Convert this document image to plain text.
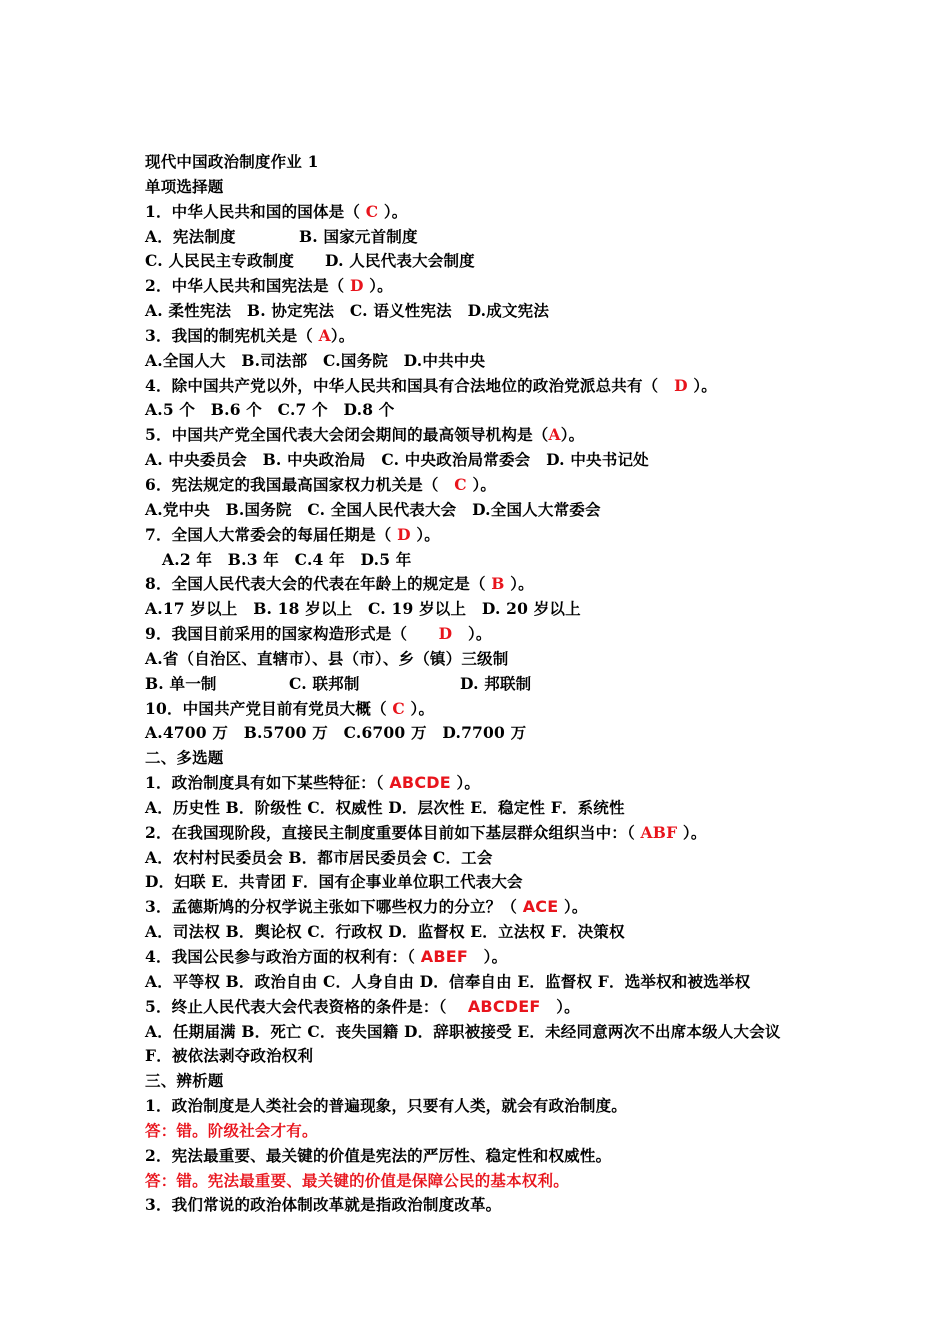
现代中国政治制度作业 1
单项选择题
1．中华人民共和国的国体是（ C ）。
A．宪法制度	B. 国家元首制度
C. 人民民主专政制度 D. 人民代表大会制度
2．中华人民共和国宪法是（ D ）。
A. 柔性宪法　B. 协定宪法　C. 语义性宪法　D.成文宪法
3．我国的制宪机关是（ A）。
A.全国人大　B.司法部　C.国务院　D.中共中央
4．除中国共产党以外，中华人民共和国具有合法地位的政治党派总共有（　D ）。
A.5 个　B.6 个　C.7 个　D.8 个
5．中国共产党全国代表大会闭会期间的最高领导机构是（A）。
A. 中央委员会　B. 中央政治局　C. 中央政治局常委会　D. 中央书记处
6．宪法规定的我国最高国家权力机关是（　C ）。
A.党中央　B.国务院　C. 全国人民代表大会　D.全国人大常委会
7．全国人大常委会的每届任期是（ D ）。
A.2 年　B.3 年　C.4 年　D.5 年
8．全国人民代表大会的代表在年龄上的规定是（ B ）。
A.17 岁以上　B. 18 岁以上　C. 19 岁以上　D. 20 岁以上
9．我国目前采用的国家构造形式是（　　D　）。
A.省（自治区、直辖市）、县（市）、乡（镇）三级制
B. 单一制	C. 联邦制	D. 邦联制
10．中国共产党目前有党员大概（ C ）。
A.4700 万　B.5700 万　C.6700 万　D.7700 万
二、多选题
1．政治制度具有如下某些特征：（ ABCDE ）。
A．历史性 B．阶级性 C．权威性 D．层次性 E．稳定性 F．系统性
2．在我国现阶段，直接民主制度重要体目前如下基层群众组织当中：（ ABF ）。
A．农村村民委员会 B．都市居民委员会 C．工会
D．妇联 E．共青团 F．国有企事业单位职工代表大会
3．孟德斯鸠的分权学说主张如下哪些权力的分立？（ ACE ）。
A．司法权 B．舆论权 C．行政权 D．监督权 E．立法权 F．决策权
4．我国公民参与政治方面的权利有：（ ABEF　）。
A．平等权 B．政治自由 C．人身自由 D．信奉自由 E．监督权 F．选举权和被选举权
5．终止人民代表大会代表资格的条件是：（　 ABCDEF　）。
A．任期届满 B．死亡 C．丧失国籍 D．辞职被接受 E．未经同意两次不出席本级人大会议
F．被依法剥夺政治权利
三、辨析题
1．政治制度是人类社会的普遍现象，只要有人类，就会有政治制度。
答：错。阶级社会才有。
2．宪法最重要、最关键的价值是宪法的严厉性、稳定性和权威性。
答：错。宪法最重要、最关键的价值是保障公民的基本权利。
3．我们常说的政治体制改革就是指政治制度改革。
